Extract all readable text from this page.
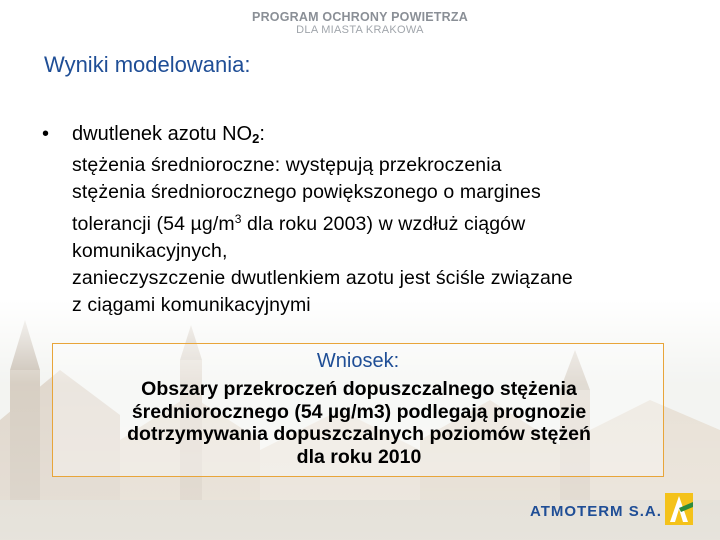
PROGRAM OCHRONY POWIETRZA
DLA MIASTA KRAKOWA
Wyniki modelowania:
• dwutlenek azotu $NO_2$:
stężenia średnioroczne: występują przekroczenia
stężenia średniorocznego powiększonego o margines
tolerancji (54 $\mu g/m^3$ dla roku 2003) w wzdłuż ciągów
komunikacyjnych,
zanieczyszczenie dwutlenkiem azotu jest ściśle związane
z ciągami komunikacyjnymi
Wniosek:
Obszary przekroczeń dopuszczalnego stężenia
średniorocznego (54 µg/m3) podlegają prognozie
dotrzymywania dopuszczalnych poziomów stężeń
dla roku 2010
ATMOTERM S.A.
